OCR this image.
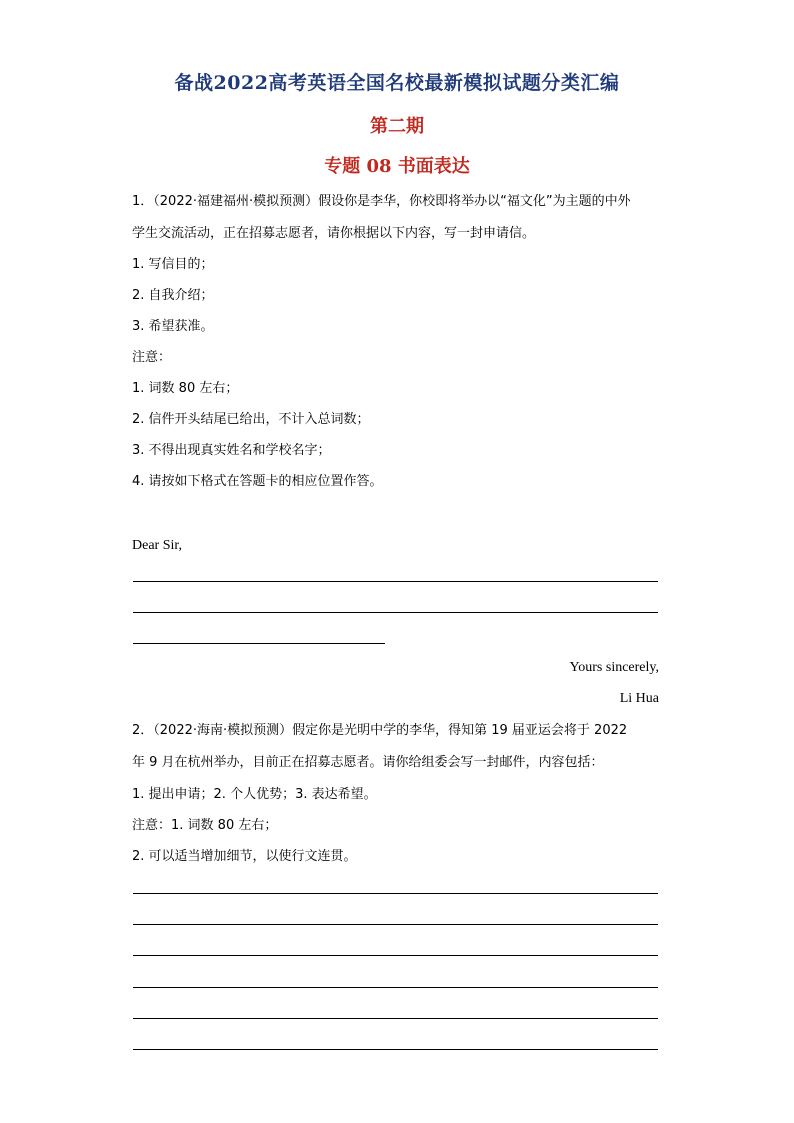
备战2022高考英语全国名校最新模拟试题分类汇编
第二期
专题 08 书面表达
1．（2022·福建福州·模拟预测）假设你是李华，你校即将举办以“福文化”为主题的中外
学生交流活动，正在招募志愿者，请你根据以下内容，写一封申请信。
1. 写信目的；
2. 自我介绍；
3. 希望获准。
注意：
1. 词数 80 左右；
2. 信件开头结尾已给出，不计入总词数；
3. 不得出现真实姓名和学校名字；
4. 请按如下格式在答题卡的相应位置作答。
Dear Sir,
Yours sincerely,
Li Hua
2．（2022·海南·模拟预测）假定你是光明中学的李华，得知第 19 届亚运会将于 2022
年 9 月在杭州举办，目前正在招募志愿者。请你给组委会写一封邮件，内容包括：
1. 提出申请；2. 个人优势；3. 表达希望。
注意：1. 词数 80 左右；
2. 可以适当增加细节，以使行文连贯。
